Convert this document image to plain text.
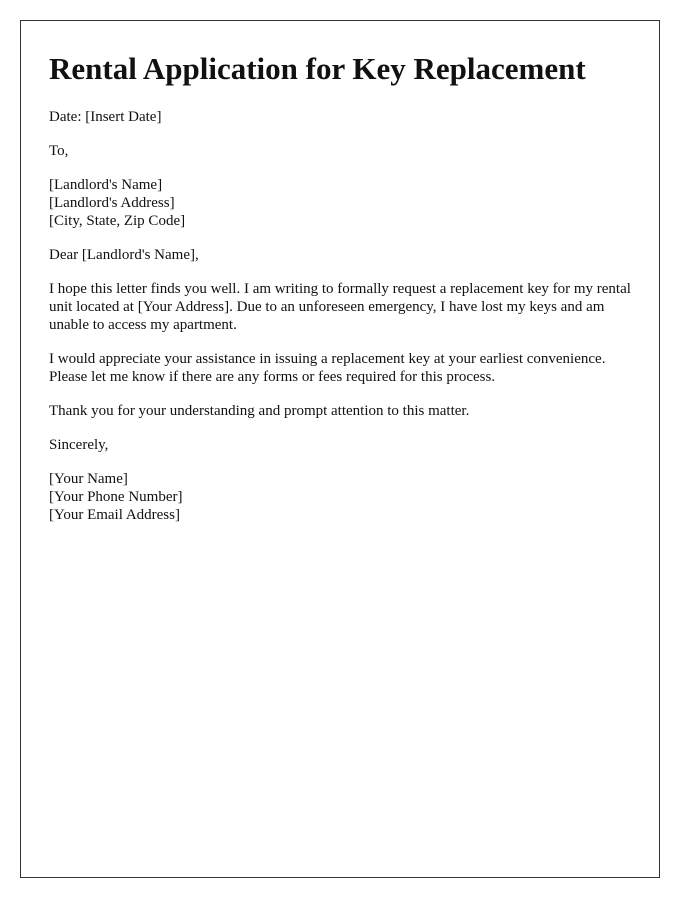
Rental Application for Key Replacement
Date: [Insert Date]
To,
[Landlord's Name]
[Landlord's Address]
[City, State, Zip Code]
Dear [Landlord's Name],

I hope this letter finds you well. I am writing to formally request a replacement key for my rental unit located at [Your Address]. Due to an unforeseen emergency, I have lost my keys and am unable to access my apartment.

I would appreciate your assistance in issuing a replacement key at your earliest convenience. Please let me know if there are any forms or fees required for this process.

Thank you for your understanding and prompt attention to this matter.

Sincerely,
[Your Name]
[Your Phone Number]
[Your Email Address]
